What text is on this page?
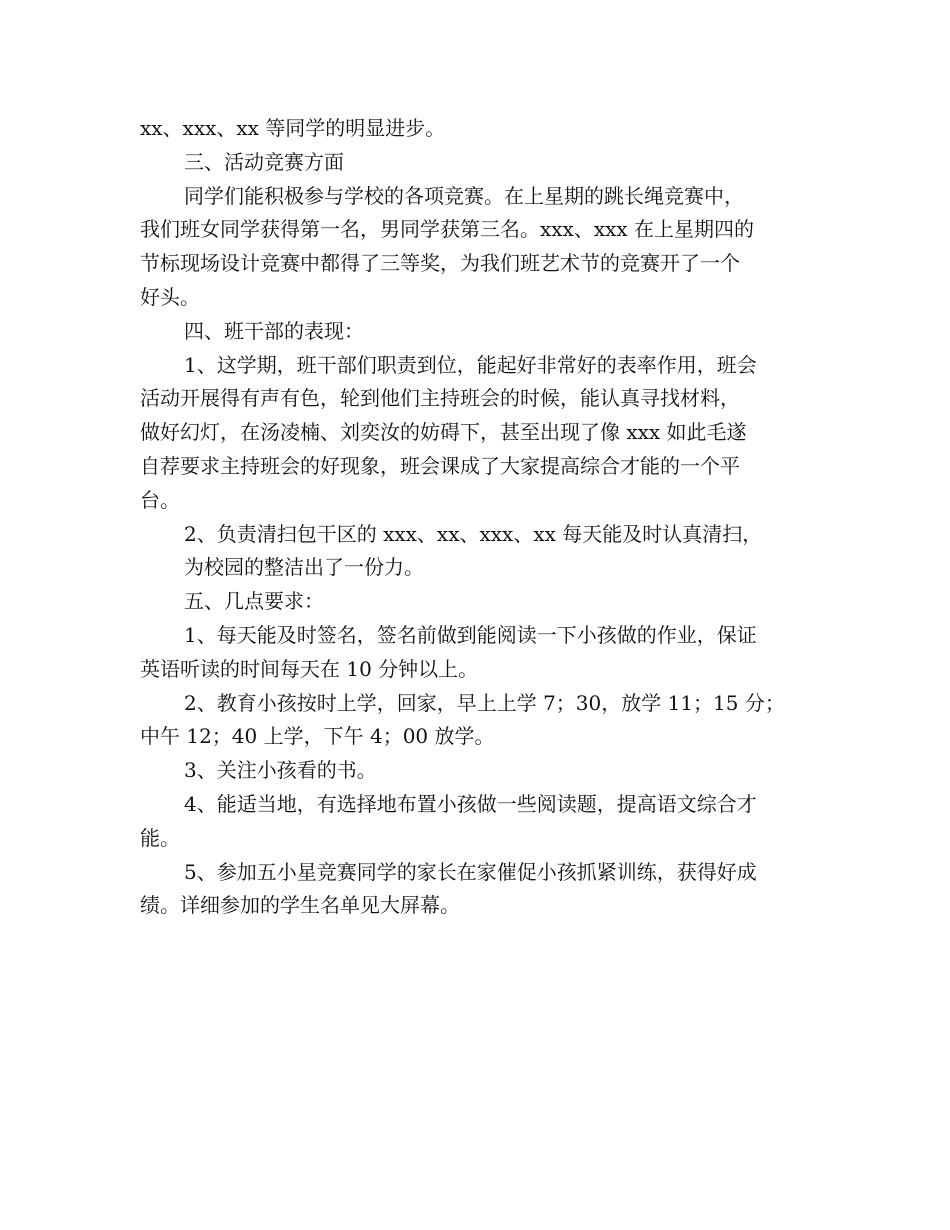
xx、xxx、xx 等同学的明显进步。
三、活动竞赛方面
同学们能积极参与学校的各项竞赛。在上星期的跳长绳竞赛中，
我们班女同学获得第一名，男同学获第三名。xxx、xxx 在上星期四的
节标现场设计竞赛中都得了三等奖，为我们班艺术节的竞赛开了一个
好头。
四、班干部的表现：
1、这学期，班干部们职责到位，能起好非常好的表率作用，班会
活动开展得有声有色，轮到他们主持班会的时候，能认真寻找材料，
做好幻灯，在汤凌楠、刘奕汝的妨碍下，甚至出现了像 xxx 如此毛遂
自荐要求主持班会的好现象，班会课成了大家提高综合才能的一个平
台。
2、负责清扫包干区的 xxx、xx、xxx、xx 每天能及时认真清扫，
为校园的整洁出了一份力。
五、几点要求：
1、每天能及时签名，签名前做到能阅读一下小孩做的作业，保证
英语听读的时间每天在 10 分钟以上。
2、教育小孩按时上学，回家，早上上学 7；30，放学 11；15 分；
中午 12；40 上学，下午 4；00 放学。
3、关注小孩看的书。
4、能适当地，有选择地布置小孩做一些阅读题，提高语文综合才
能。
5、参加五小星竞赛同学的家长在家催促小孩抓紧训练，获得好成
绩。详细参加的学生名单见大屏幕。
